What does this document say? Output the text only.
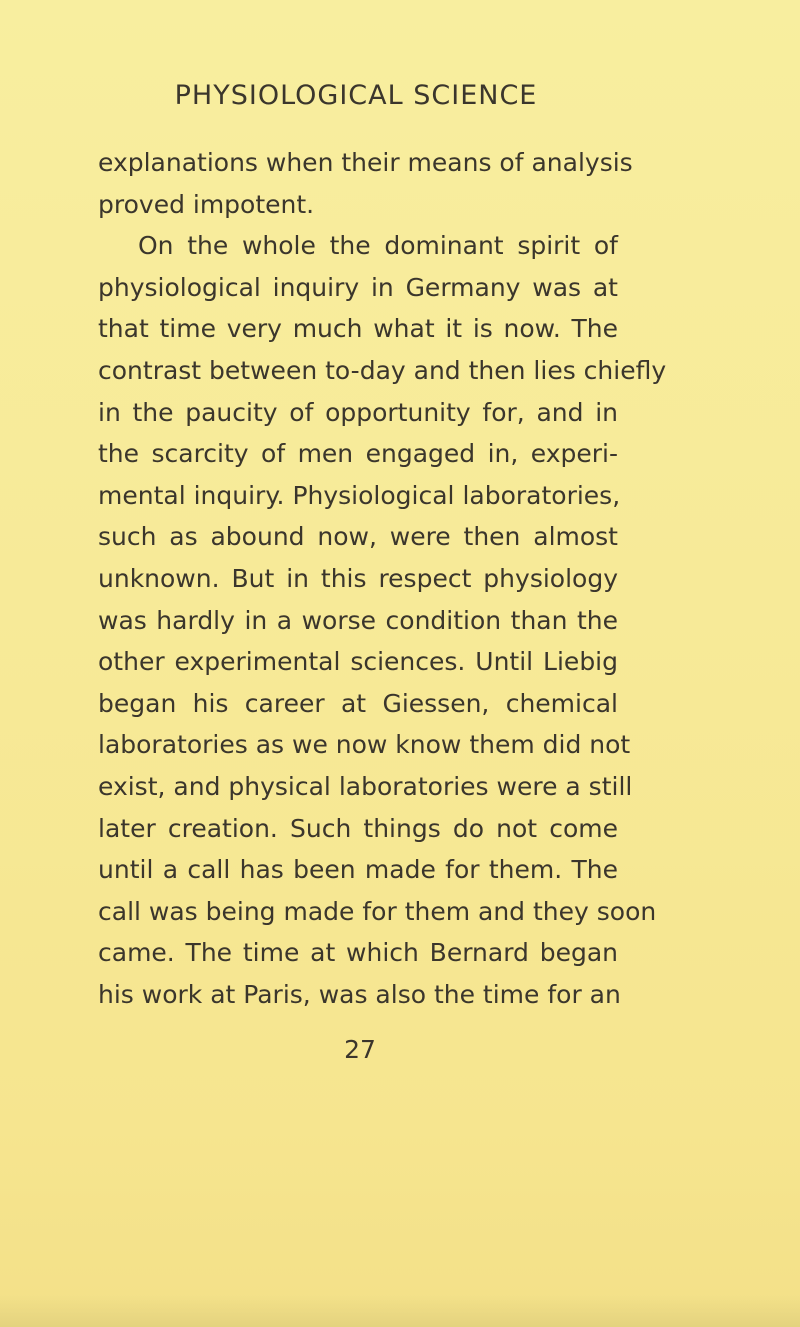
PHYSIOLOGICAL SCIENCE
explanations when their means of analysis
proved impotent.
On the whole the dominant spirit of
physiological inquiry in Germany was at
that time very much what it is now. The
contrast between to-day and then lies chiefly
in the paucity of opportunity for, and in
the scarcity of men engaged in, experi-
mental inquiry. Physiological laboratories,
such as abound now, were then almost
unknown. But in this respect physiology
was hardly in a worse condition than the
other experimental sciences. Until Liebig
began his career at Giessen, chemical
laboratories as we now know them did not
exist, and physical laboratories were a still
later creation. Such things do not come
until a call has been made for them. The
call was being made for them and they soon
came. The time at which Bernard began
his work at Paris, was also the time for an
27
